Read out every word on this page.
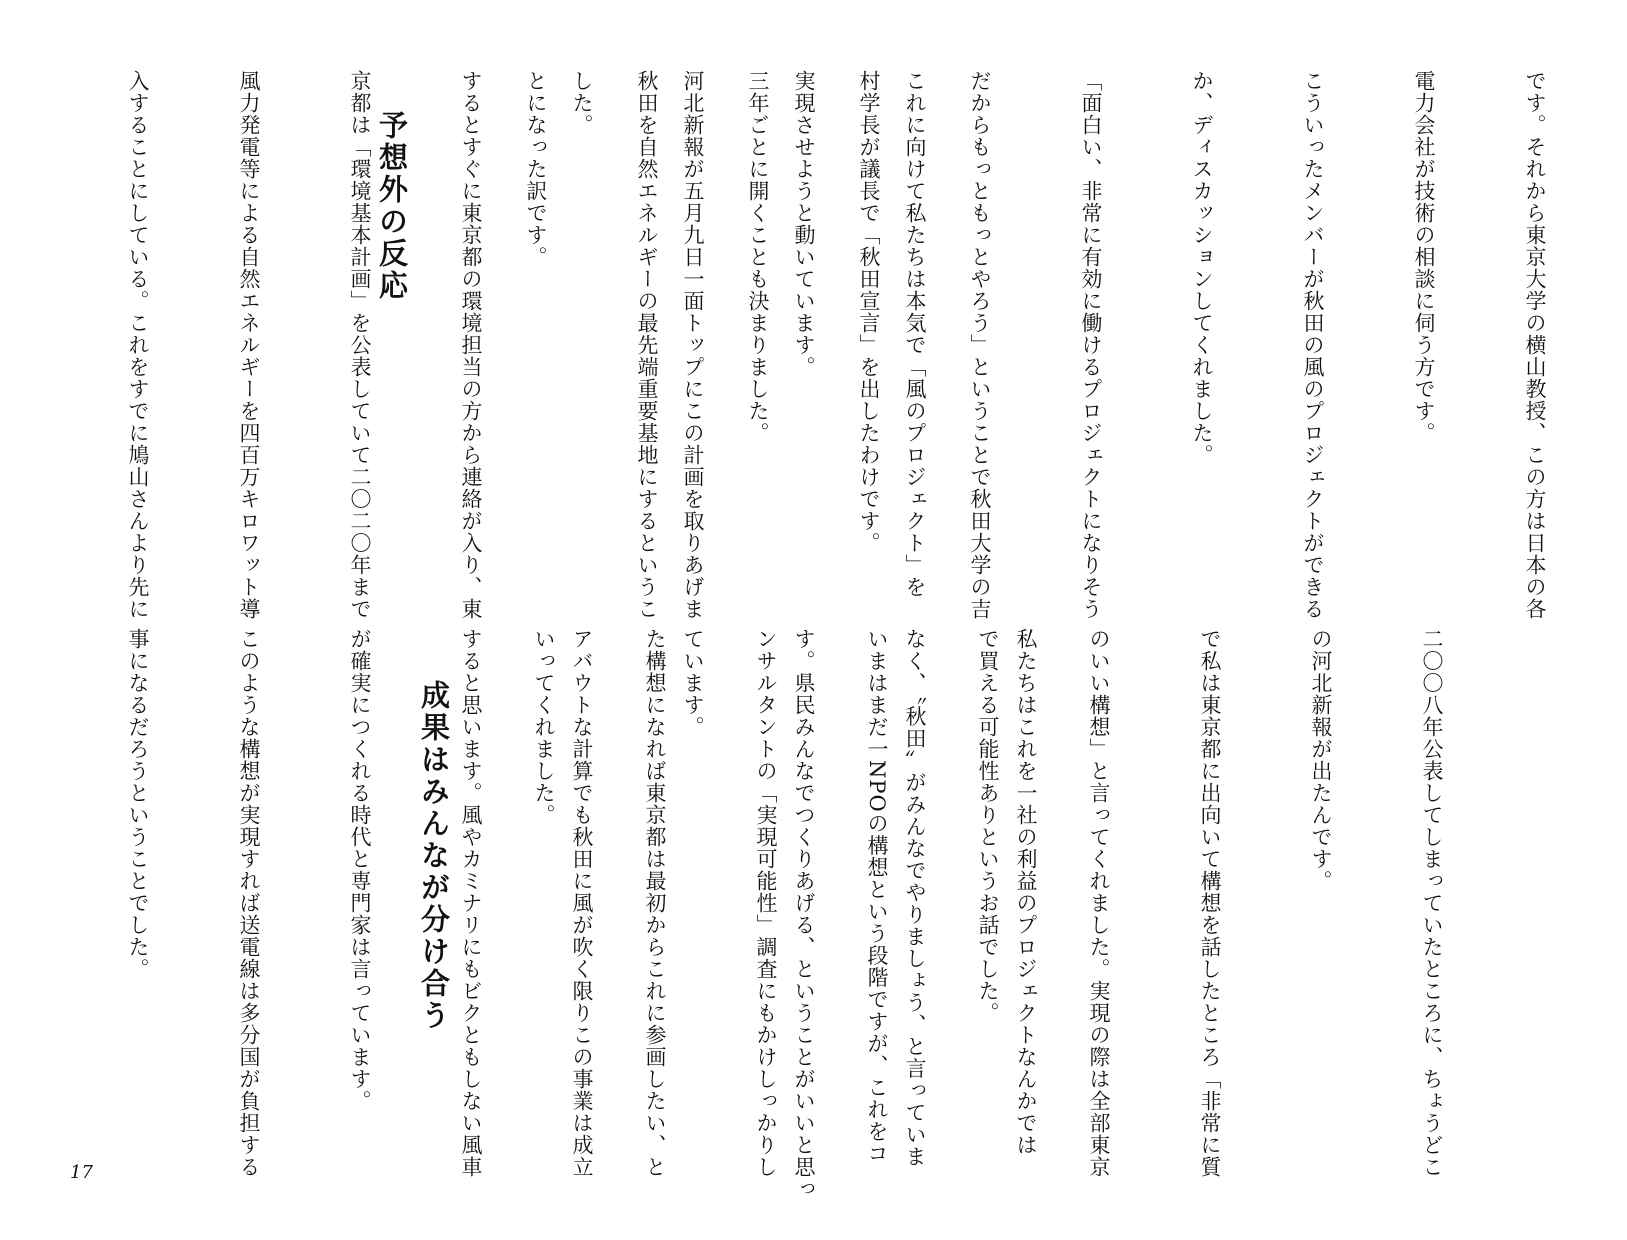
です。それから東京大学の横山教授、この方は日本の各

電力会社が技術の相談に伺う方です。

こういったメンバーが秋田の風のプロジェクトができる

か、ディスカッションしてくれました。

「面白い、非常に有効に働けるプロジェクトになりそう

だからもっともっとやろう」ということで秋田大学の吉

村学長が議長で「秋田宣言」を出したわけです。

三年ごとに開くことも決まりました。

秋田を自然エネルギーの最先端重要基地にするというこ

とになった訳です。

予想外の反応

	これに向けて私たちは本気で「風のプロジェクト」を

実現させようと動いています。

河北新報が五月九日一面トップにこの計画を取りあげま

した。

するとすぐに東京都の環境担当の方から連絡が入り、東

京都は「環境基本計画」を公表していて二〇二〇年まで

風力発電等による自然エネルギーを四百万キロワット導

入することにしている。これをすでに鳩山さんより先に

二〇〇八年公表してしまっていたところに、ちょうどこ

の河北新報が出たんです。

で私は東京都に出向いて構想を話したところ「非常に質

のいい構想」と言ってくれました。実現の際は全部東京

で買える可能性ありというお話でした。

いまはまだ一NPOの構想という段階ですが、これをコ

ンサルタントの「実現可能性」調査にもかけしっかりし

た構想になれば東京都は最初からこれに参画したい、と

いってくれました。

成果はみんなが分け合う

	私たちはこれを一社の利益のプロジェクトなんかでは

なく、〝秋田〟がみんなでやりましょう、と言っていま

す。県民みんなでつくりあげる、ということがいいと思っ

ています。

アバウトな計算でも秋田に風が吹く限りこの事業は成立

すると思います。風やカミナリにもビクともしない風車

が確実につくれる時代と専門家は言っています。

このような構想が実現すれば送電線は多分国が負担する

事になるだろうということでした。

17
